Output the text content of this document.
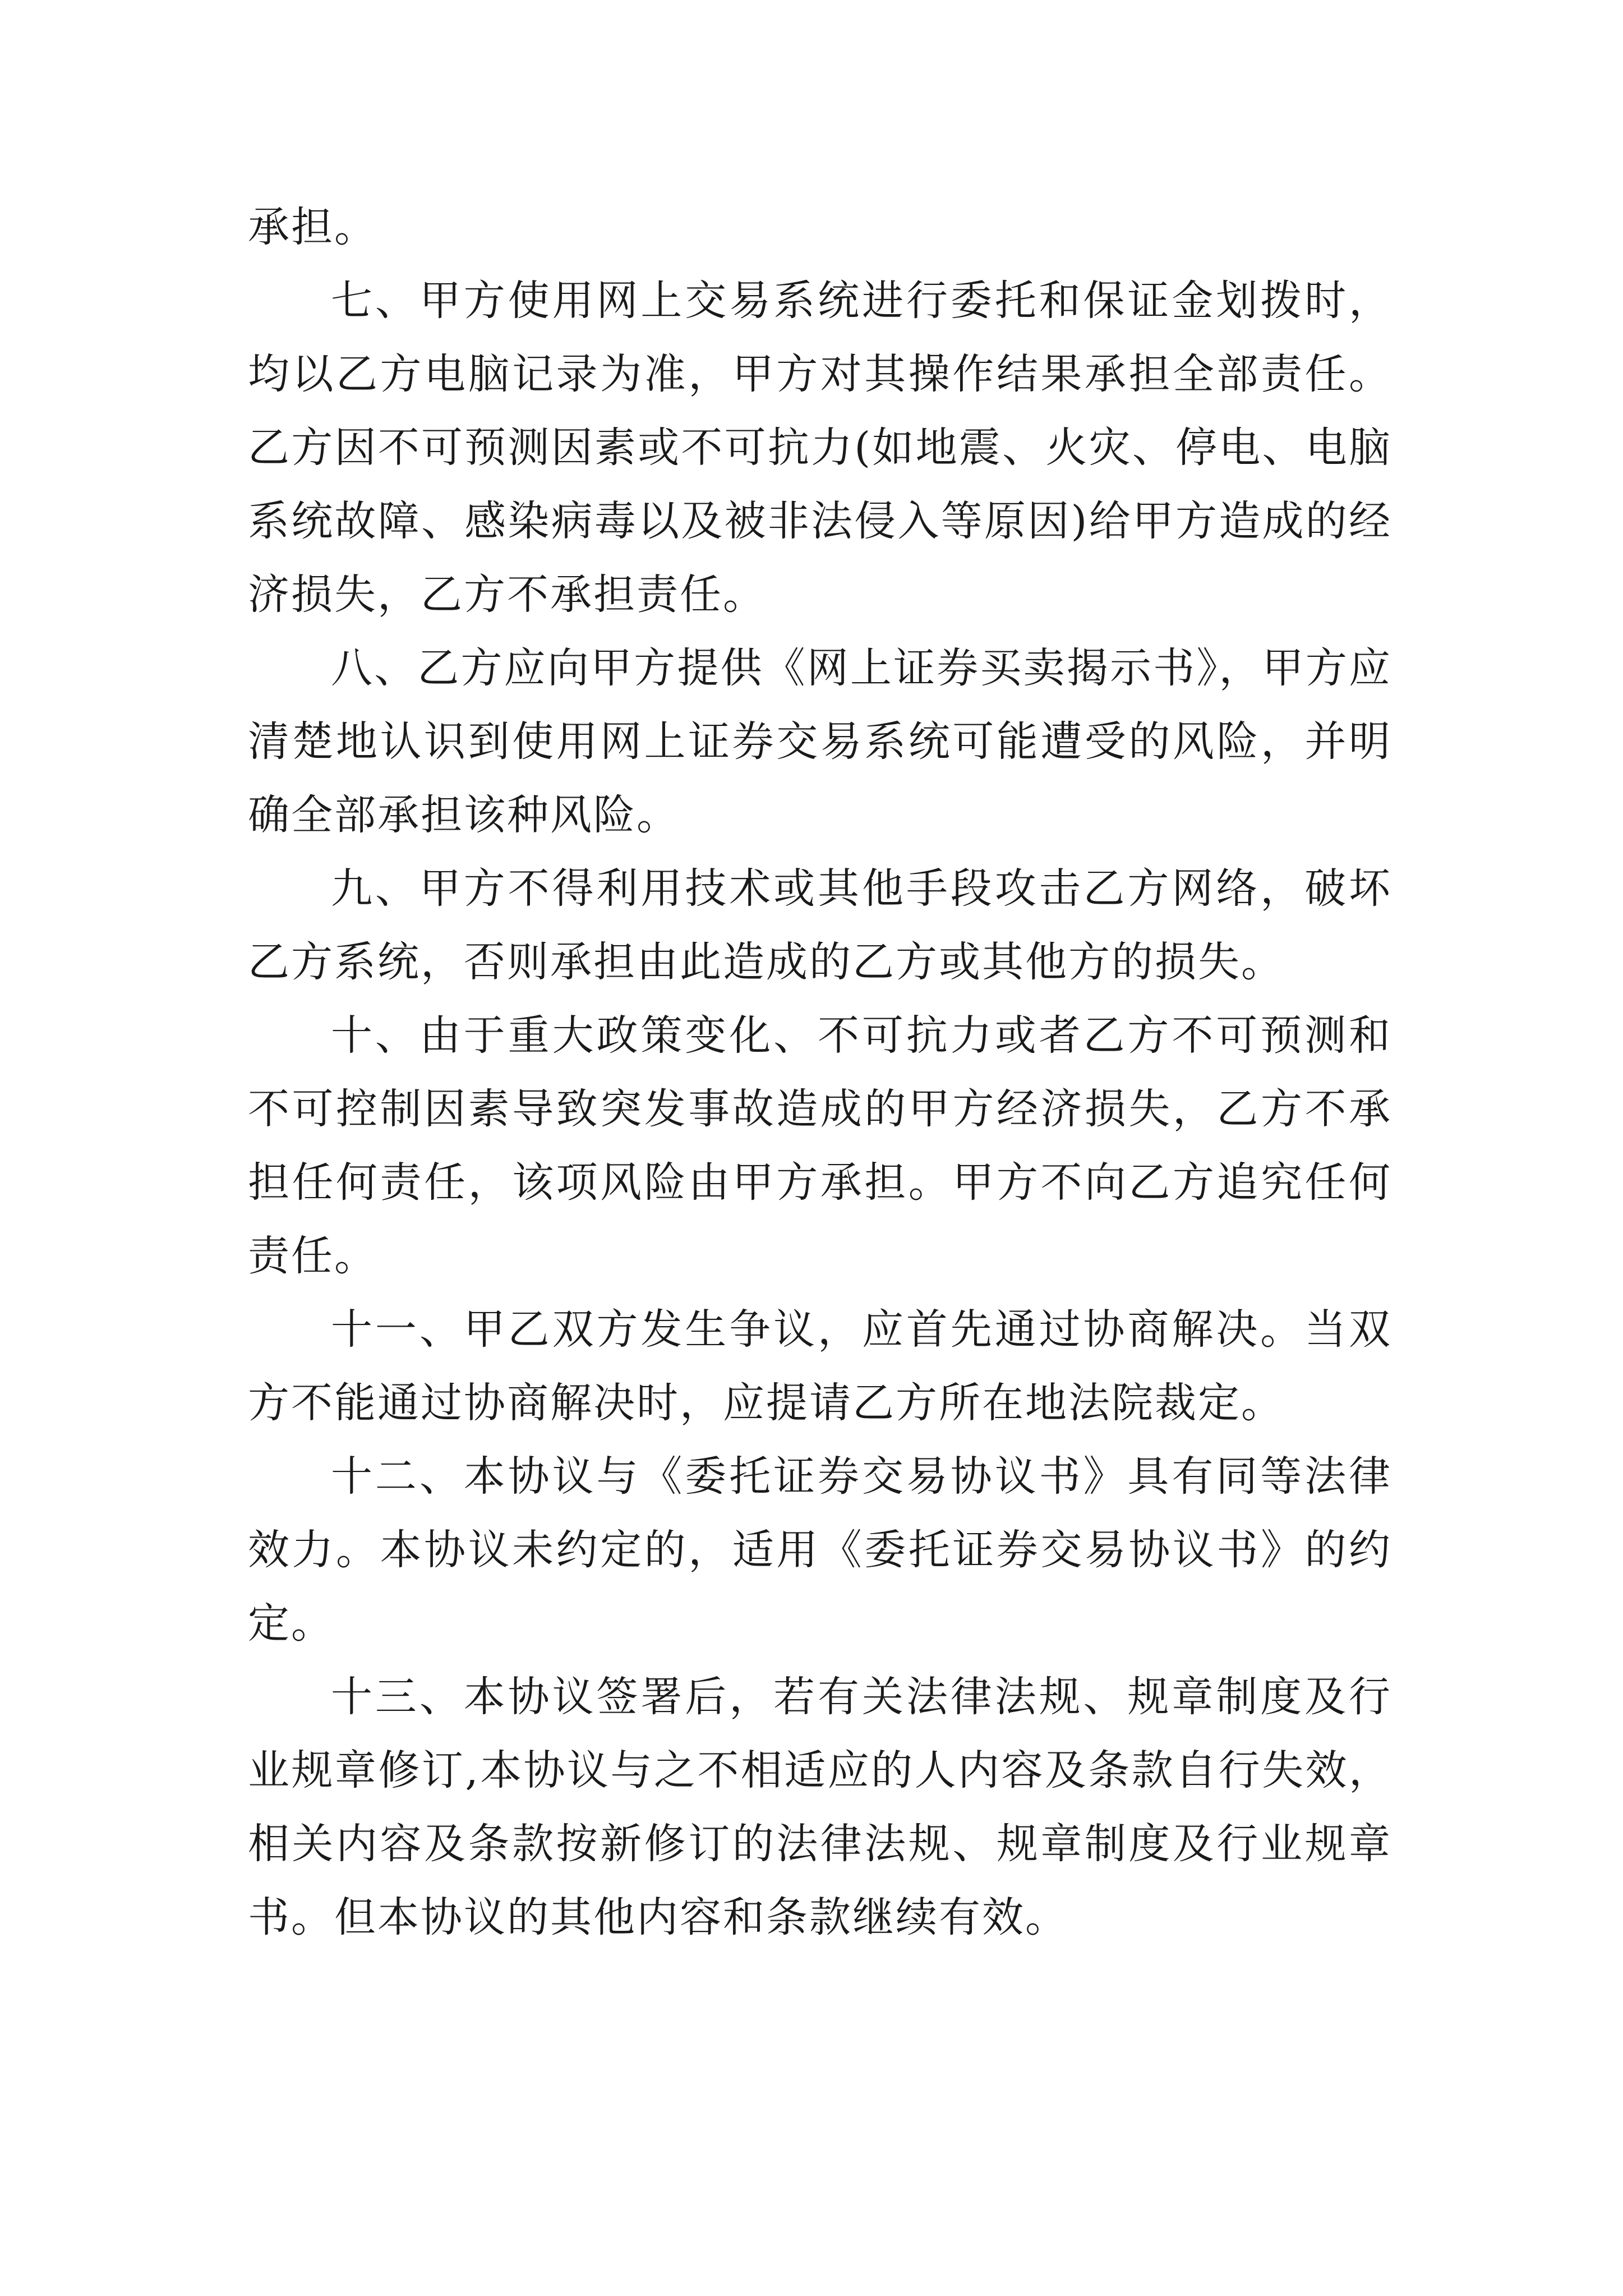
承担。

七、甲方使用网上交易系统进行委托和保证金划拨时，均以乙方电脑记录为准，甲方对其操作结果承担全部责任。乙方因不可预测因素或不可抗力(如地震、火灾、停电、电脑系统故障、感染病毒以及被非法侵入等原因)给甲方造成的经济损失，乙方不承担责任。

八、乙方应向甲方提供《网上证券买卖揭示书》，甲方应清楚地认识到使用网上证券交易系统可能遭受的风险，并明确全部承担该种风险。

九、甲方不得利用技术或其他手段攻击乙方网络，破坏乙方系统，否则承担由此造成的乙方或其他方的损失。

十、由于重大政策变化、不可抗力或者乙方不可预测和不可控制因素导致突发事故造成的甲方经济损失，乙方不承担任何责任，该项风险由甲方承担。甲方不向乙方追究任何责任。

十一、甲乙双方发生争议，应首先通过协商解决。当双方不能通过协商解决时，应提请乙方所在地法院裁定。

十二、本协议与《委托证券交易协议书》具有同等法律效力。本协议未约定的，适用《委托证券交易协议书》的约定。

十三、本协议签署后，若有关法律法规、规章制度及行业规章修订,本协议与之不相适应的人内容及条款自行失效，相关内容及条款按新修订的法律法规、规章制度及行业规章书。但本协议的其他内容和条款继续有效。
